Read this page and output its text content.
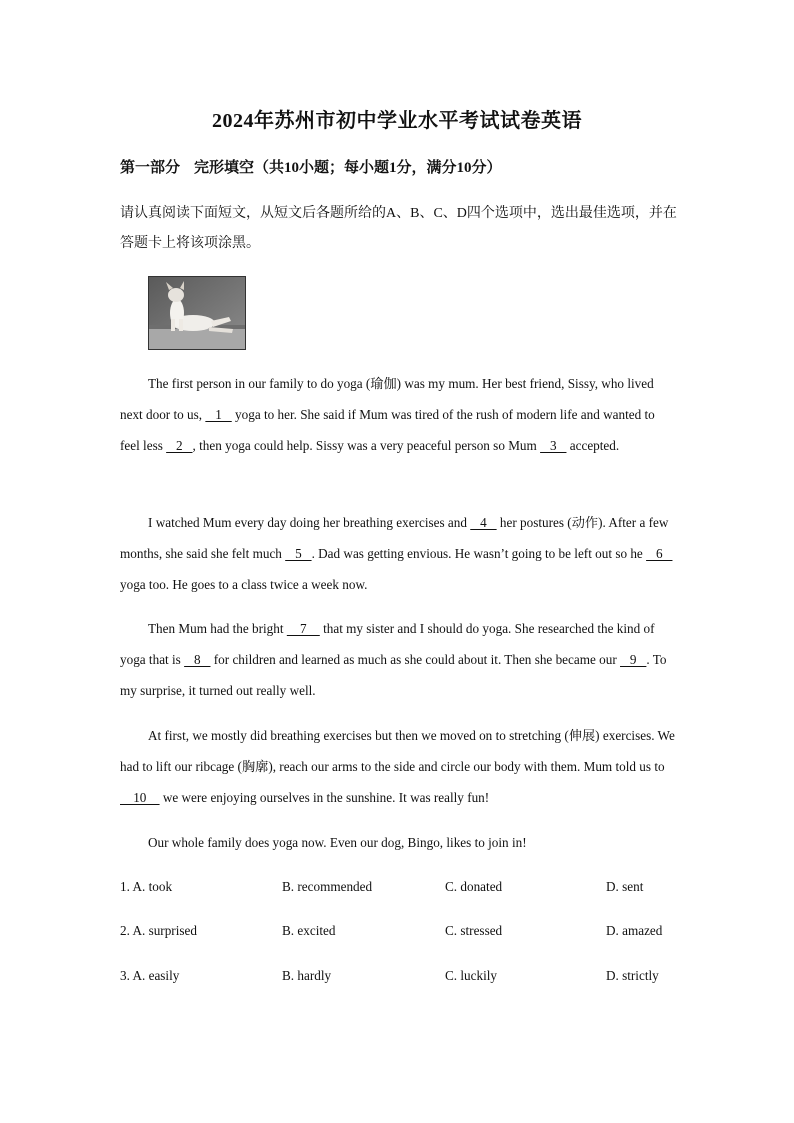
2024年苏州市初中学业水平考试试卷英语
第一部分 完形填空（共10小题；每小题1分，满分10分）
请认真阅读下面短文，从短文后各题所给的A、B、C、D四个选项中，选出最佳选项，并在答题卡上将该项涂黑。

The first person in our family to do yoga (瑜伽) was my mum. Her best friend, Sissy, who lived next door to us,    1    yoga to her. She said if Mum was tired of the rush of modern life and wanted to feel less    2   , then yoga could help. Sissy was a very peaceful person so Mum    3    accepted.

I watched Mum every day doing her breathing exercises and    4    her postures (动作). After a few months, she said she felt much    5   . Dad was getting envious. He wasn’t going to be left out so he    6    yoga too. He goes to a class twice a week now.

Then Mum had the bright     7     that my sister and I should do yoga. She researched the kind of yoga that is    8    for children and learned as much as she could about it. Then she became our    9   . To my surprise, it turned out really well.

At first, we mostly did breathing exercises but then we moved on to stretching (伸展) exercises. We had to lift our ribcage (胸廓), reach our arms to the side and circle our body with them. Mum told us to     10     we were enjoying ourselves in the sunshine. It was really fun!

Our whole family does yoga now. Even our dog, Bingo, likes to join in!

1. A. took	B. recommended	C. donated	D. sent
2. A. surprised	B. excited	C. stressed	D. amazed
3. A. easily	B. hardly	C. luckily	D. strictly
